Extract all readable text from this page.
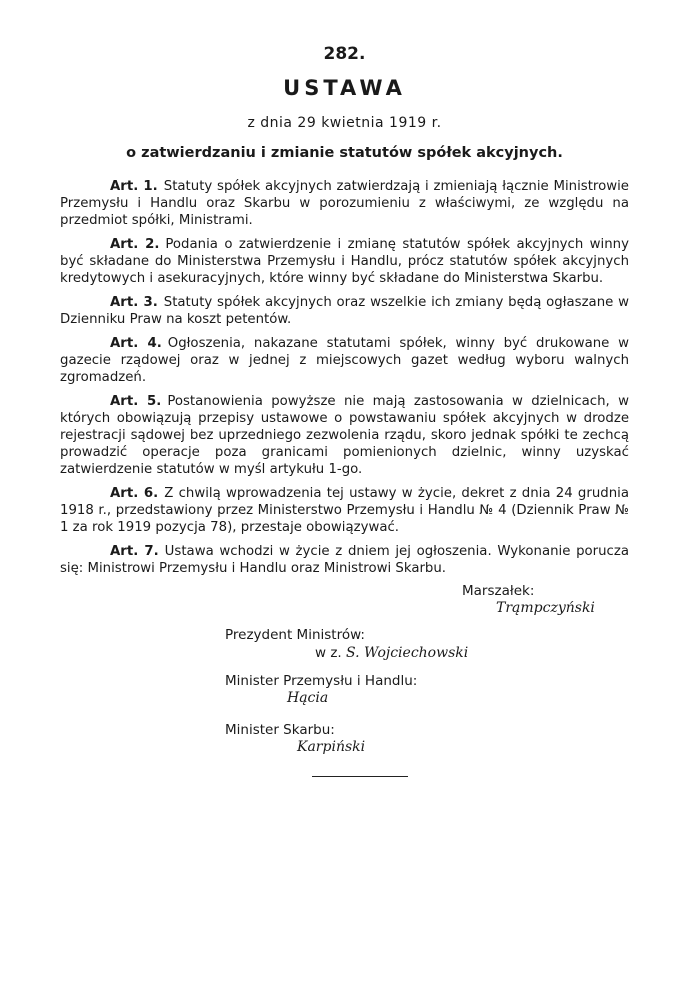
282.
USTAWA
z dnia 29 kwietnia 1919 r.
o zatwierdzaniu i zmianie statutów spółek akcyjnych.

Art. 1. Statuty spółek akcyjnych zatwierdzają i zmieniają łącznie Ministrowie Przemysłu i Handlu oraz Skarbu w porozumieniu z właściwymi, ze względu na przedmiot spółki, Ministrami.

Art. 2. Podania o zatwierdzenie i zmianę statutów spółek akcyjnych winny być składane do Ministerstwa Przemysłu i Handlu, prócz statutów spółek akcyjnych kredytowych i asekuracyjnych, które winny być składane do Ministerstwa Skarbu.

Art. 3. Statuty spółek akcyjnych oraz wszelkie ich zmiany będą ogłaszane w Dzienniku Praw na koszt petentów.

Art. 4. Ogłoszenia, nakazane statutami spółek, winny być drukowane w gazecie rządowej oraz w jednej z miejscowych gazet według wyboru walnych zgromadzeń.

Art. 5. Postanowienia powyższe nie mają zastosowania w dzielnicach, w których obowiązują przepisy ustawowe o powstawaniu spółek akcyjnych w drodze rejestracji sądowej bez uprzedniego zezwolenia rządu, skoro jednak spółki te zechcą prowadzić operacje poza granicami pomienionych dzielnic, winny uzyskać zatwierdzenie statutów w myśl artykułu 1-go.

Art. 6. Z chwilą wprowadzenia tej ustawy w życie, dekret z dnia 24 grudnia 1918 r., przedstawiony przez Ministerstwo Przemysłu i Handlu № 4 (Dziennik Praw № 1 za rok 1919 pozycja 78), przestaje obowiązywać.

Art. 7. Ustawa wchodzi w życie z dniem jej ogłoszenia. Wykonanie porucza się: Ministrowi Przemysłu i Handlu oraz Ministrowi Skarbu.

Marszałek:
Trąmpczyński
Prezydent Ministrów:
w z. S. Wojciechowski
Minister Przemysłu i Handlu:
Hącia
Minister Skarbu:
Karpiński
